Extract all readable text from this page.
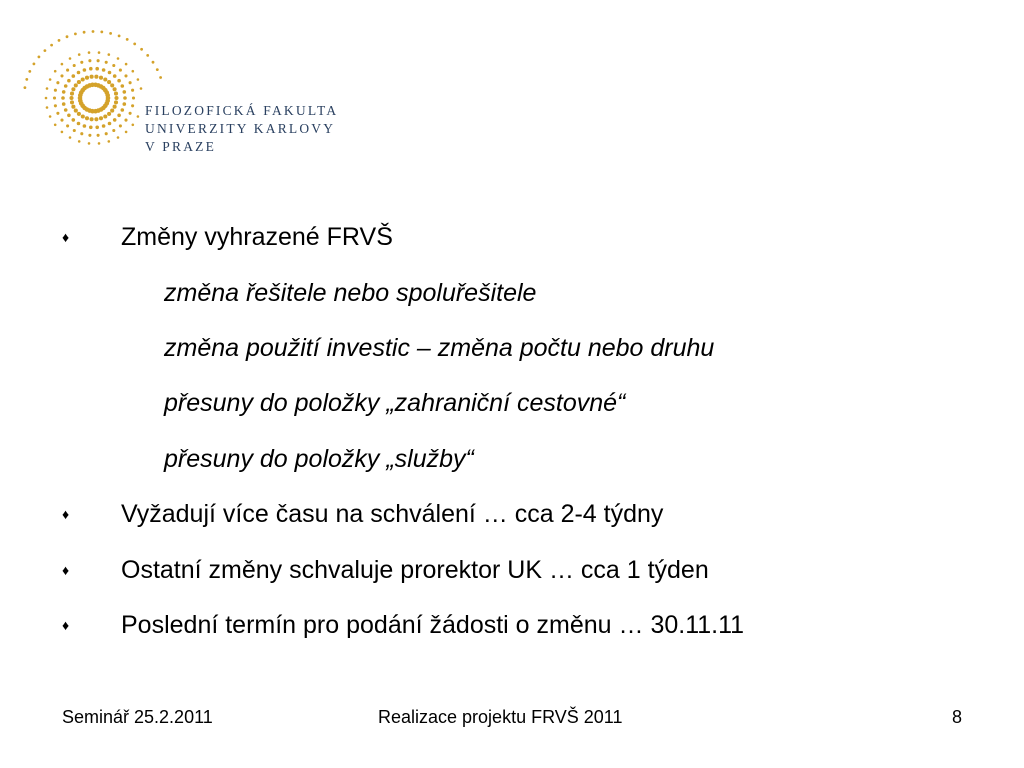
FILOZOFICKÁ FAKULTA
UNIVERZITY KARLOVY
V PRAZE
♦ Změny vyhrazené FRVŠ
změna řešitele nebo spoluřešitele
změna použití investic – změna počtu nebo druhu
přesuny do položky „zahraniční cestovné“
přesuny do položky „služby“
♦ Vyžadují více času na schválení … cca 2-4 týdny
♦ Ostatní změny schvaluje prorektor UK … cca 1 týden
♦ Poslední termín pro podání žádosti o změnu … 30.11.11
Seminář 25.2.2011	Realizace projektu FRVŠ 2011	8
